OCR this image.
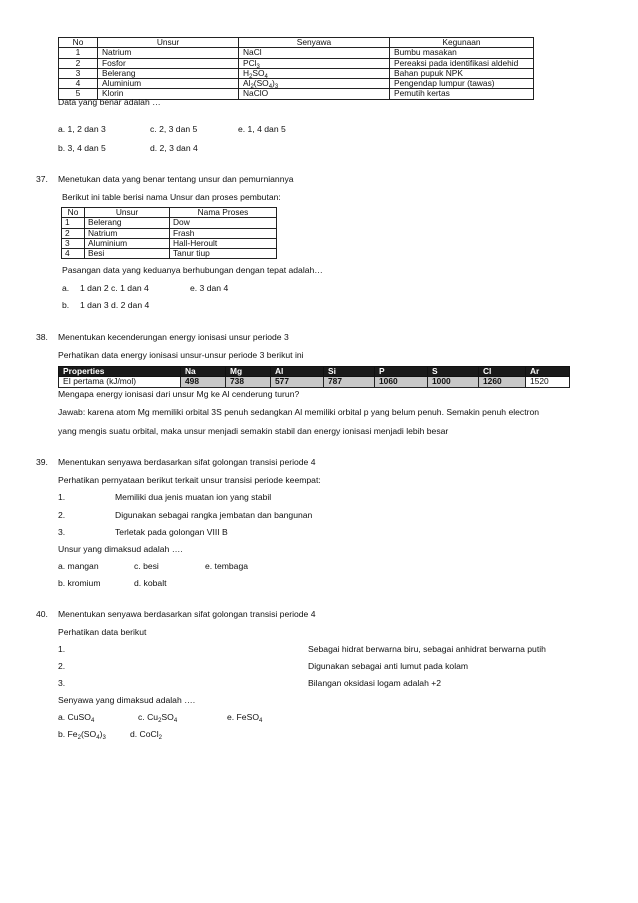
No	Unsur	Senyawa	Kegunaan
1	Natrium	NaCl	Bumbu masakan
2	Fosfor	PCl$_3$	Pereaksi pada identifikasi aldehid
3	Belerang	$H_2SO_4$	Bahan pupuk NPK
4	Aluminium	$Al_2(SO_4)_3$	Pengendap lumpur (tawas)
5	Klorin	NaClO	Pemutih kertas
Data yang benar adalah …
a. 1, 2 dan 3	c. 2, 3 dan 5	e. 1, 4 dan 5
b. 3, 4 dan 5	d. 2, 3 dan 4
37. Menetukan data yang benar tentang unsur dan pemurniannya
Berikut ini table berisi nama Unsur dan proses pembutan:
No	Unsur	Nama Proses
1	Belerang	Dow
2	Natrium	Frash
3	Aluminium	Hall-Heroult
4	Besi	Tanur tiup
Pasangan data yang keduanya berhubungan dengan tepat adalah…
a. 1 dan 2 c. 1 dan 4	e. 3 dan 4
b. 1 dan 3 d. 2 dan 4
38. Menentukan kecenderungan energy ionisasi unsur periode 3
Perhatikan data energy ionisasi unsur-unsur periode 3 berikut ini
Properties	Na	Mg	Al	Si	P	S	Cl	Ar
EI pertama (kJ/mol)	498	738	577	787	1060	1000	1260	1520
Mengapa energy ionisasi dari unsur Mg ke Al cenderung turun?
Jawab: karena atom Mg memiliki orbital 3S penuh sedangkan Al memiliki orbital p yang belum penuh. Semakin penuh electron
yang mengis suatu orbital, maka unsur menjadi semakin stabil dan energy ionisasi menjadi lebih besar
39. Menentukan senyawa berdasarkan sifat golongan transisi periode 4
Perhatikan pernyataan berikut terkait unsur transisi periode keempat:
1.	Memiliki dua jenis muatan ion yang stabil
2.	Digunakan sebagai rangka jembatan dan bangunan
3.	Terletak pada golongan VIII B
Unsur yang dimaksud adalah ….
a. mangan	c. besi	e. tembaga
b. kromium	d. kobalt
40. Menentukan senyawa berdasarkan sifat golongan transisi periode 4
Perhatikan data berikut
1.	Sebagai hidrat berwarna biru, sebagai anhidrat berwarna putih
2.	Digunakan sebagai anti lumut pada kolam
3.	Bilangan oksidasi logam adalah +2
Senyawa yang dimaksud adalah ….
a. CuSO$_4$	c. $Cu_2SO_4$	e. FeSO$_4$
b. $Fe_2(SO_4)_3$	d. CoCl$_2$
